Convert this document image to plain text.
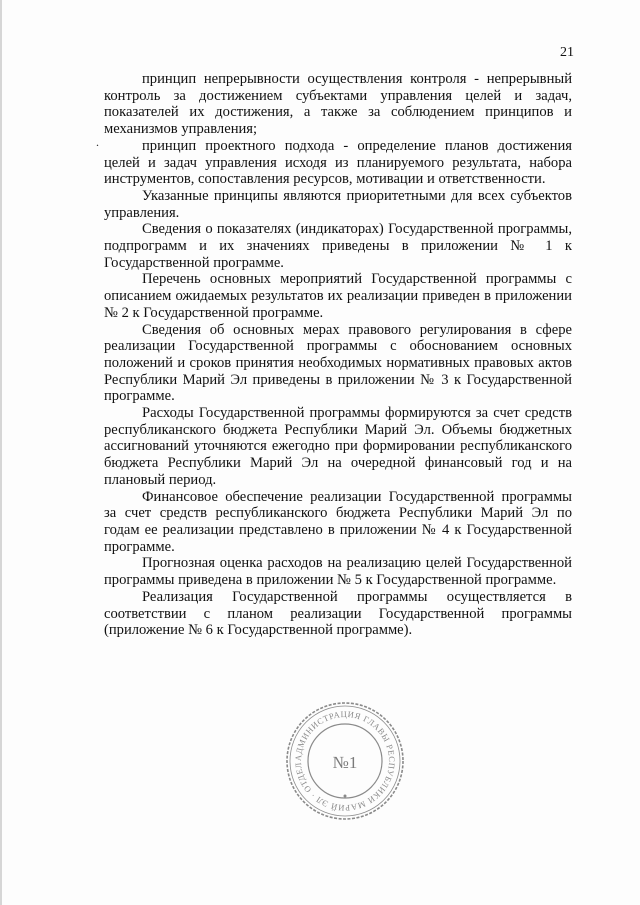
21
.

принцип непрерывности осуществления контроля - непрерывный контроль за достижением субъектами управления целей и задач, показателей их достижения, а также за соблюдением принципов и механизмов управления;

принцип проектного подхода - определение планов достижения целей и задач управления исходя из планируемого результата, набора инструментов, сопоставления ресурсов, мотивации и ответственности.

Указанные принципы являются приоритетными для всех субъектов управления.

Сведения о показателях (индикаторах) Государственной программы, подпрограмм и их значениях приведены в приложении № 1 к Государственной программе.

Перечень основных мероприятий Государственной программы с описанием ожидаемых результатов их реализации приведен в приложении № 2 к Государственной программе.

Сведения об основных мерах правового регулирования в сфере реализации Государственной программы с обоснованием основных положений и сроков принятия необходимых нормативных правовых актов Республики Марий Эл приведены в приложении № 3 к Государственной программе.

Расходы Государственной программы формируются за счет средств республиканского бюджета Республики Марий Эл. Объемы бюджетных ассигнований уточняются ежегодно при формировании республиканского бюджета Республики Марий Эл на очередной финансовый год и на плановый период.

Финансовое обеспечение реализации Государственной программы за счет средств республиканского бюджета Республики Марий Эл по годам ее реализации представлено в приложении № 4 к Государственной программе.

Прогнозная оценка расходов на реализацию целей Государственной программы приведена в приложении № 5 к Государственной программе.

Реализация Государственной программы осуществляется в соответствии с планом реализации Государственной программы (приложение № 6 к Государственной программе).

АДМИНИСТРАЦИЯ ГЛАВЫ РЕСПУБЛИКИ МАРИЙ ЭЛ · ОТДЕЛ	№1
